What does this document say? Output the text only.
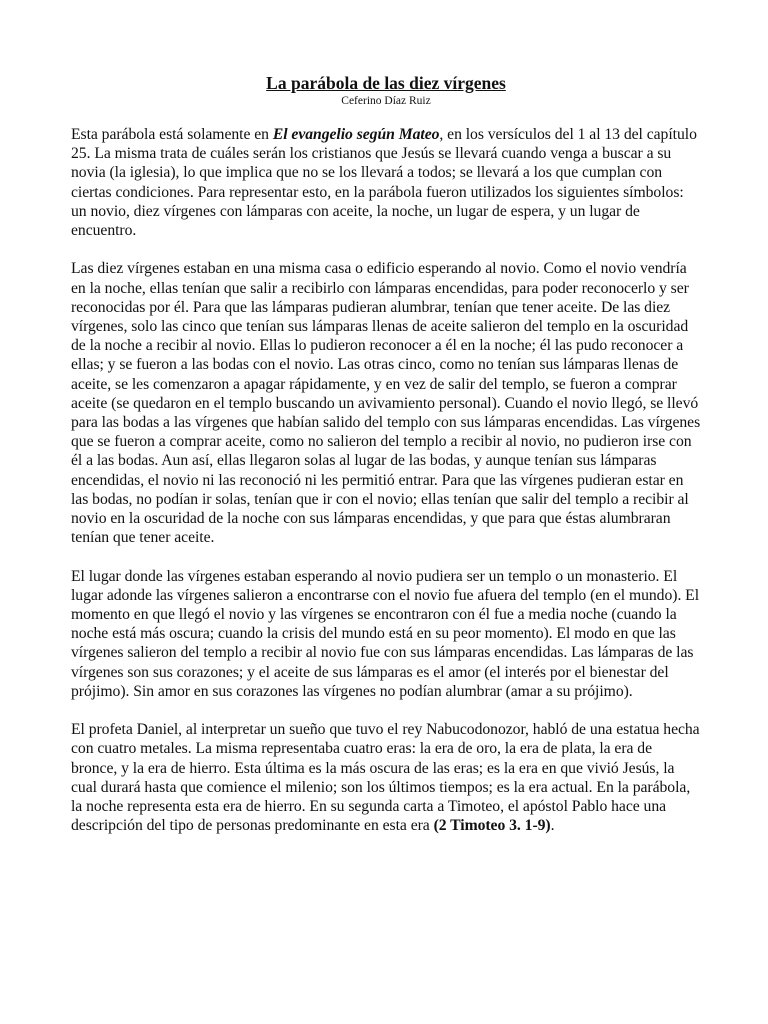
La parábola de las diez vírgenes

Ceferino Díaz Ruiz

Esta parábola está solamente en El evangelio según Mateo, en los versículos del 1 al 13 del capítulo 25. La misma trata de cuáles serán los cristianos que Jesús se llevará cuando venga a buscar a su novia (la iglesia), lo que implica que no se los llevará a todos; se llevará a los que cumplan con ciertas condiciones. Para representar esto, en la parábola fueron utilizados los siguientes símbolos: un novio, diez vírgenes con lámparas con aceite, la noche, un lugar de espera, y un lugar de encuentro.

Las diez vírgenes estaban en una misma casa o edificio esperando al novio. Como el novio vendría en la noche, ellas tenían que salir a recibirlo con lámparas encendidas, para poder reconocerlo y ser reconocidas por él. Para que las lámparas pudieran alumbrar, tenían que tener aceite. De las diez vírgenes, solo las cinco que tenían sus lámparas llenas de aceite salieron del templo en la oscuridad de la noche a recibir al novio. Ellas lo pudieron reconocer a él en la noche; él las pudo reconocer a ellas; y se fueron a las bodas con el novio. Las otras cinco, como no tenían sus lámparas llenas de aceite, se les comenzaron a apagar rápidamente, y en vez de salir del templo, se fueron a comprar aceite (se quedaron en el templo buscando un avivamiento personal). Cuando el novio llegó, se llevó para las bodas a las vírgenes que habían salido del templo con sus lámparas encendidas. Las vírgenes que se fueron a comprar aceite, como no salieron del templo a recibir al novio, no pudieron irse con él a las bodas. Aun así, ellas llegaron solas al lugar de las bodas, y aunque tenían sus lámparas encendidas, el novio ni las reconoció ni les permitió entrar. Para que las vírgenes pudieran estar en las bodas, no podían ir solas, tenían que ir con el novio; ellas tenían que salir del templo a recibir al novio en la oscuridad de la noche con sus lámparas encendidas, y que para que éstas alumbraran tenían que tener aceite.

El lugar donde las vírgenes estaban esperando al novio pudiera ser un templo o un monasterio. El lugar adonde las vírgenes salieron a encontrarse con el novio fue afuera del templo (en el mundo). El momento en que llegó el novio y las vírgenes se encontraron con él fue a media noche (cuando la noche está más oscura; cuando la crisis del mundo está en su peor momento). El modo en que las vírgenes salieron del templo a recibir al novio fue con sus lámparas encendidas. Las lámparas de las vírgenes son sus corazones; y el aceite de sus lámparas es el amor (el interés por el bienestar del prójimo). Sin amor en sus corazones las vírgenes no podían alumbrar (amar a su prójimo).

El profeta Daniel, al interpretar un sueño que tuvo el rey Nabucodonozor, habló de una estatua hecha con cuatro metales. La misma representaba cuatro eras: la era de oro, la era de plata, la era de bronce, y la era de hierro. Esta última es la más oscura de las eras; es la era en que vivió Jesús, la cual durará hasta que comience el milenio; son los últimos tiempos; es la era actual. En la parábola, la noche representa esta era de hierro. En su segunda carta a Timoteo, el apóstol Pablo hace una descripción del tipo de personas predominante en esta era (2 Timoteo 3. 1-9).
